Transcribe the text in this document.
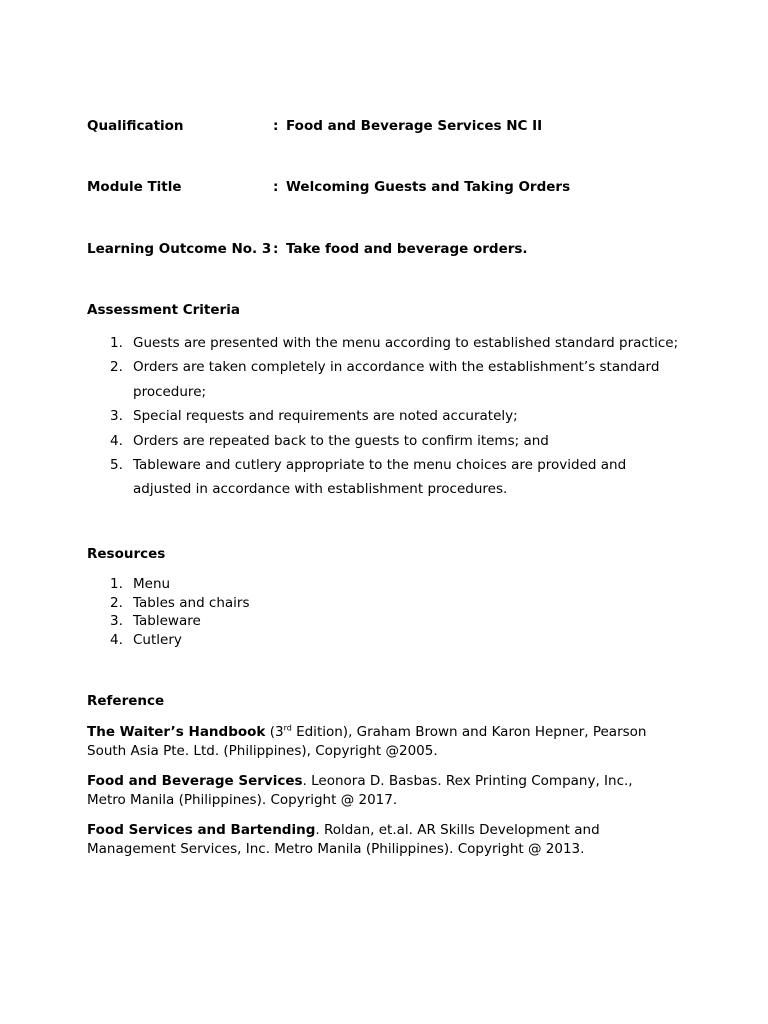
Qualification	: Food and Beverage Services NC II
Module Title	: Welcoming Guests and Taking Orders
Learning Outcome No. 3 : Take food and beverage orders.
Assessment Criteria
1. Guests are presented with the menu according to established standard practice;
2. Orders are taken completely in accordance with the establishment’s standard procedure;
3. Special requests and requirements are noted accurately;
4. Orders are repeated back to the guests to confirm items; and
5. Tableware and cutlery appropriate to the menu choices are provided and adjusted in accordance with establishment procedures.
Resources
1. Menu
2. Tables and chairs
3. Tableware
4. Cutlery
Reference
The Waiter’s Handbook (3rd Edition), Graham Brown and Karon Hepner, Pearson South Asia Pte. Ltd. (Philippines), Copyright @2005.
Food and Beverage Services. Leonora D. Basbas. Rex Printing Company, Inc., Metro Manila (Philippines). Copyright @ 2017.
Food Services and Bartending. Roldan, et.al. AR Skills Development and Management Services, Inc. Metro Manila (Philippines). Copyright @ 2013.
